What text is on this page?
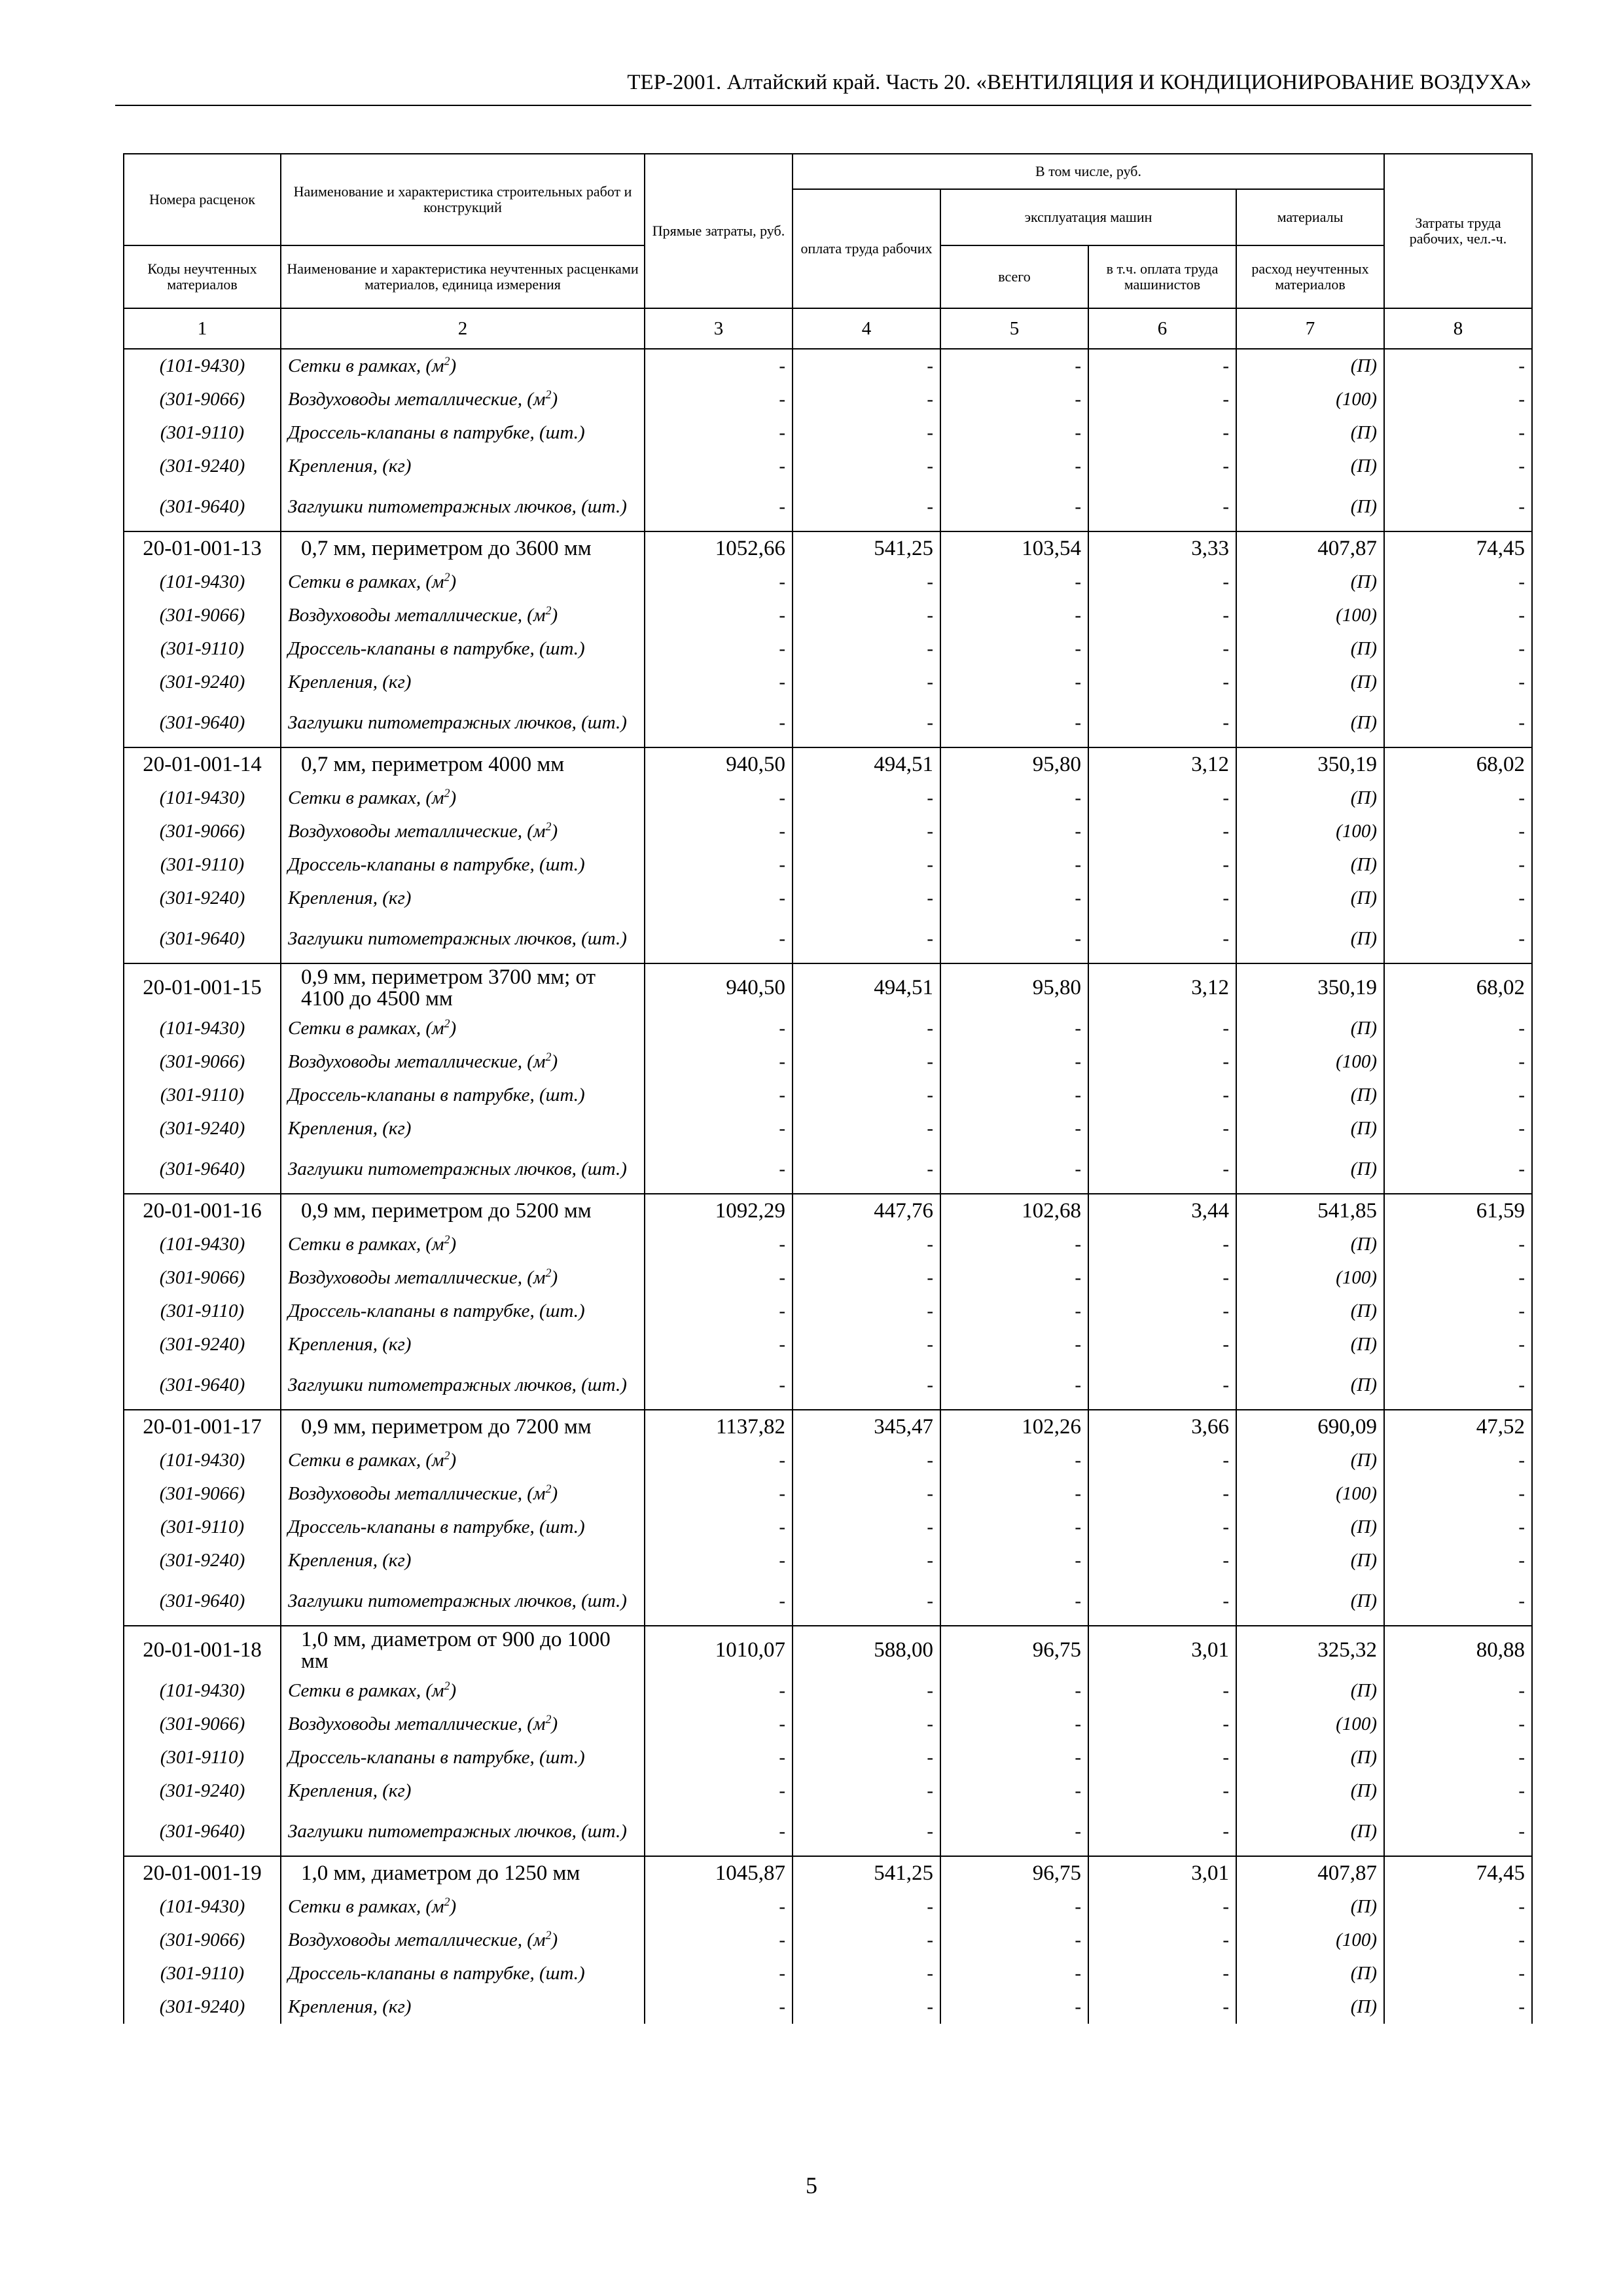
ТЕР-2001. Алтайский край. Часть 20. «ВЕНТИЛЯЦИЯ И КОНДИЦИОНИРОВАНИЕ ВОЗДУХА»
Номера расценок	Наименование и характеристика строительных работ и конструкций	Прямые затраты, руб.	В том числе, руб.				Затраты труда рабочих, чел.-ч.
			оплата труда рабочих	эксплуатация машин		материалы	
Коды неучтенных материалов	Наименование и характеристика неучтенных расценками материалов, единица измерения			всего	в т.ч. оплата труда машинистов	расход неучтенных материалов	

1	2	3	4	5	6	7	8
(101-9430)	Сетки в рамках, $(м^2)$	-	-	-	-	(П)	-
(301-9066)	Воздуховоды металлические, $(м^2)$	-	-	-	-	(100)	-
(301-9110)	Дроссель-клапаны в патрубке, (шт.)	-	-	-	-	(П)	-
(301-9240)	Крепления, (кг)	-	-	-	-	(П)	-
(301-9640)	Заглушки питометражных лючков, (шт.)	-	-	-	-	(П)	-
20-01-001-13	0,7 мм, периметром до 3600 мм	1052,66	541,25	103,54	3,33	407,87	74,45
(101-9430)	Сетки в рамках, $(м^2)$	-	-	-	-	(П)	-
(301-9066)	Воздуховоды металлические, $(м^2)$	-	-	-	-	(100)	-
(301-9110)	Дроссель-клапаны в патрубке, (шт.)	-	-	-	-	(П)	-
(301-9240)	Крепления, (кг)	-	-	-	-	(П)	-
(301-9640)	Заглушки питометражных лючков, (шт.)	-	-	-	-	(П)	-
20-01-001-14	0,7 мм, периметром 4000 мм	940,50	494,51	95,80	3,12	350,19	68,02
(101-9430)	Сетки в рамках, $(м^2)$	-	-	-	-	(П)	-
(301-9066)	Воздуховоды металлические, $(м^2)$	-	-	-	-	(100)	-
(301-9110)	Дроссель-клапаны в патрубке, (шт.)	-	-	-	-	(П)	-
(301-9240)	Крепления, (кг)	-	-	-	-	(П)	-
(301-9640)	Заглушки питометражных лючков, (шт.)	-	-	-	-	(П)	-
20-01-001-15	0,9 мм, периметром 3700 мм; от 4100 до 4500 мм	940,50	494,51	95,80	3,12	350,19	68,02
(101-9430)	Сетки в рамках, $(м^2)$	-	-	-	-	(П)	-
(301-9066)	Воздуховоды металлические, $(м^2)$	-	-	-	-	(100)	-
(301-9110)	Дроссель-клапаны в патрубке, (шт.)	-	-	-	-	(П)	-
(301-9240)	Крепления, (кг)	-	-	-	-	(П)	-
(301-9640)	Заглушки питометражных лючков, (шт.)	-	-	-	-	(П)	-
20-01-001-16	0,9 мм, периметром до 5200 мм	1092,29	447,76	102,68	3,44	541,85	61,59
(101-9430)	Сетки в рамках, $(м^2)$	-	-	-	-	(П)	-
(301-9066)	Воздуховоды металлические, $(м^2)$	-	-	-	-	(100)	-
(301-9110)	Дроссель-клапаны в патрубке, (шт.)	-	-	-	-	(П)	-
(301-9240)	Крепления, (кг)	-	-	-	-	(П)	-
(301-9640)	Заглушки питометражных лючков, (шт.)	-	-	-	-	(П)	-
20-01-001-17	0,9 мм, периметром до 7200 мм	1137,82	345,47	102,26	3,66	690,09	47,52
(101-9430)	Сетки в рамках, $(м^2)$	-	-	-	-	(П)	-
(301-9066)	Воздуховоды металлические, $(м^2)$	-	-	-	-	(100)	-
(301-9110)	Дроссель-клапаны в патрубке, (шт.)	-	-	-	-	(П)	-
(301-9240)	Крепления, (кг)	-	-	-	-	(П)	-
(301-9640)	Заглушки питометражных лючков, (шт.)	-	-	-	-	(П)	-
20-01-001-18	1,0 мм, диаметром от 900 до 1000 мм	1010,07	588,00	96,75	3,01	325,32	80,88
(101-9430)	Сетки в рамках, $(м^2)$	-	-	-	-	(П)	-
(301-9066)	Воздуховоды металлические, $(м^2)$	-	-	-	-	(100)	-
(301-9110)	Дроссель-клапаны в патрубке, (шт.)	-	-	-	-	(П)	-
(301-9240)	Крепления, (кг)	-	-	-	-	(П)	-
(301-9640)	Заглушки питометражных лючков, (шт.)	-	-	-	-	(П)	-
20-01-001-19	1,0 мм, диаметром до 1250 мм	1045,87	541,25	96,75	3,01	407,87	74,45
(101-9430)	Сетки в рамках, $(м^2)$	-	-	-	-	(П)	-
(301-9066)	Воздуховоды металлические, $(м^2)$	-	-	-	-	(100)	-
(301-9110)	Дроссель-клапаны в патрубке, (шт.)	-	-	-	-	(П)	-
(301-9240)	Крепления, (кг)	-	-	-	-	(П)	-
5
